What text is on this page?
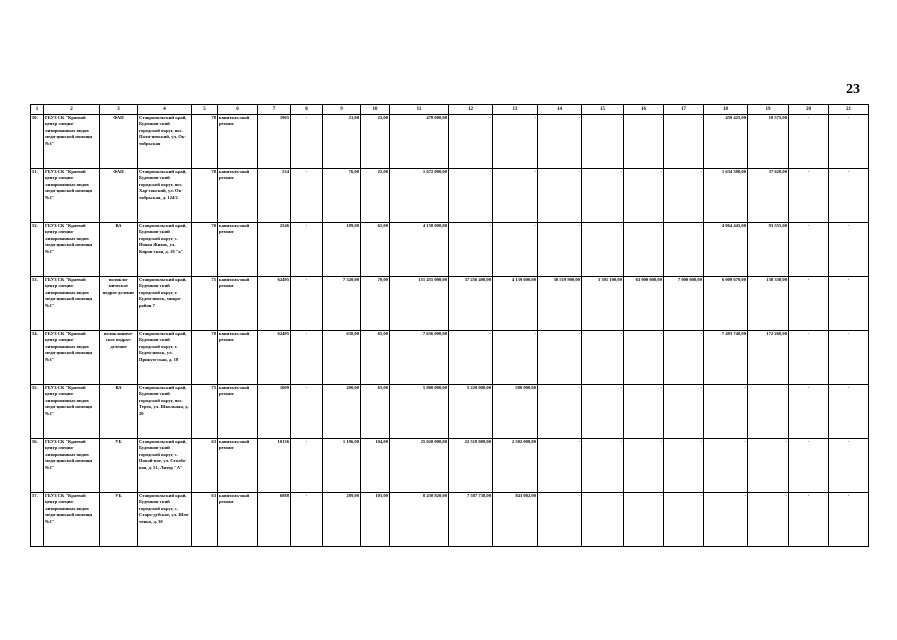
23
1	2	3	4	5	6	7	8	9	10	11	12	13	14	15	16	17	18	19	20	21
50.	ГБУЗ СК "Краевой центр специа-лизированных видов меди-цинской помощи №1"	ФАП	Ставропольский край, Буденнов-ский городской округ, пос. Поли-новский, ул. Ок-тябрьская	78	капиталь-ный ремонт	1965	-	21,00	25,00	470 000,00	-	-	-	-	-	-	459 425,00	10 575,00	-	-
51.	ГБУЗ СК "Краевой центр специа-лизированных видов меди-цинской помощи №1"	ФАП	Ставропольский край, Буденнов-ский городской округ, пос. Хар-сонский, ул. Ок-тябрьская, д. 124/2	70	капиталь-ный ремонт	534	-	76,00	25,00	1 672 000,00	-	-	-	-	-	-	1 634 380,00	37 620,00	-	-
52.	ГБУЗ СК "Краевой центр специа-лизированных видов меди-цинской помощи №1"	ВА	Ставропольский край, Буденнов-ский городской округ, с. Новая Жизнь, ул. Киров-ская, д. 19 "а"	70	капиталь-ный ремонт	2546	-	189,00	65,00	4 158 000,00	-	-	-	-	-	-	4 064 445,00	93 555,00	-	-
53.	ГБУЗ СК "Краевой центр специа-лизированных видов меди-цинской помощи №1"	поликли-ническое подраз-деление	Ставропольский край, Буденнов-ский городской округ, г. Буден-новск, микро-район 7	75	капиталь-ный ремонт	62495	-	7 320,00	70,00	151 455 000,00	37 256 400,00	4 139 600,00	30 519 900,00	3 391 100,00	63 000 000,00	7 000 000,00	6 009 670,00	138 330,00	-	-
54.	ГБУЗ СК "Краевой центр специа-лизированных видов меди-цинской помощи №1"	поликлиниче-ское подраз-деление	Ставропольский край, Буденнов-ский городской округ, г. Буден-новск, ул. Прикум-ская, д. 18	70	капиталь-ный ремонт	62495	-	638,00	65,00	7 656 000,00	-	-	-	-	-	-	7 483 740,00	172 260,00	-	-
55.	ГБУЗ СК "Краевой центр специа-лизированных видов меди-цинской помощи №1"	ВА	Ставропольский край, Буденнов-ский городской округ, пос. Терек, ул. Школьная, д. 20	75	капиталь-ный ремонт	1609	-	200,00	65,00	5 800 000,00	5 220 000,00	580 000,00	-	-	-	-	-	-	-	-
56.	ГБУЗ СК "Краевой центр специа-лизированных видов меди-цинской помощи №1"	УБ	Ставропольский край, Буденнов-ский городской округ, с. Покой-ное, ул. Столбо-вая, д. 51, Литер "А"	63	капиталь-ный ремонт	10136	-	1 196,00	104,00	25 020 000,00	22 518 000,00	2 502 000,00	-	-	-	-	-	-	-	-
57.	ГБУЗ СК "Краевой центр специа-лизированных видов меди-цинской помощи №1"	УБ	Ставропольский край, Буденнов-ский городской округ, с. Старо-дубское, ул. Шев-ченко, д. 30	63	капиталь-ный ремонт	6888	-	289,00	105,00	8 430 820,00	7 587 738,00	843 082,00	-	-	-	-	-	-	-	-
